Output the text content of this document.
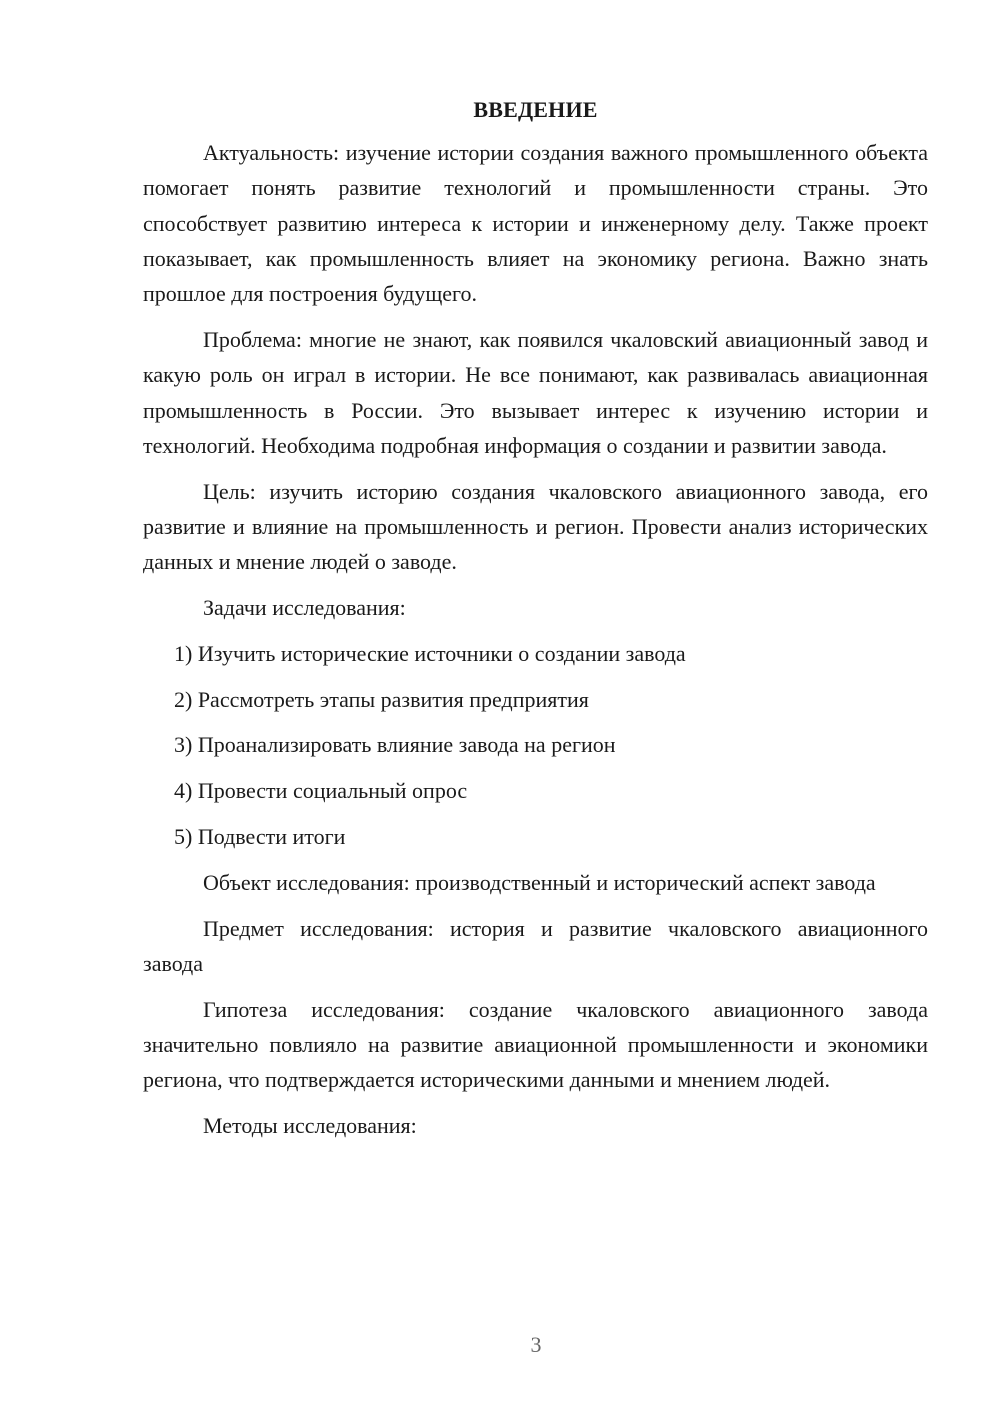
ВВЕДЕНИЕ

Актуальность: изучение истории создания важного промышленного объекта помогает понять развитие технологий и промышленности страны. Это способствует развитию интереса к истории и инженерному делу. Также проект показывает, как промышленность влияет на экономику региона. Важно знать прошлое для построения будущего.

Проблема: многие не знают, как появился чкаловский авиационный завод и какую роль он играл в истории. Не все понимают, как развивалась авиационная промышленность в России. Это вызывает интерес к изучению истории и технологий. Необходима подробная информация о создании и развитии завода.

Цель: изучить историю создания чкаловского авиационного завода, его развитие и влияние на промышленность и регион. Провести анализ исторических данных и мнение людей о заводе.

Задачи исследования:

1) Изучить исторические источники о создании завода
2) Рассмотреть этапы развития предприятия
3) Проанализировать влияние завода на регион
4) Провести социальный опрос
5) Подвести итоги

Объект исследования: производственный и исторический аспект завода

Предмет исследования: история и развитие чкаловского авиационного завода

Гипотеза исследования: создание чкаловского авиационного завода значительно повлияло на развитие авиационной промышленности и экономики региона, что подтверждается историческими данными и мнением людей.

Методы исследования:

3
